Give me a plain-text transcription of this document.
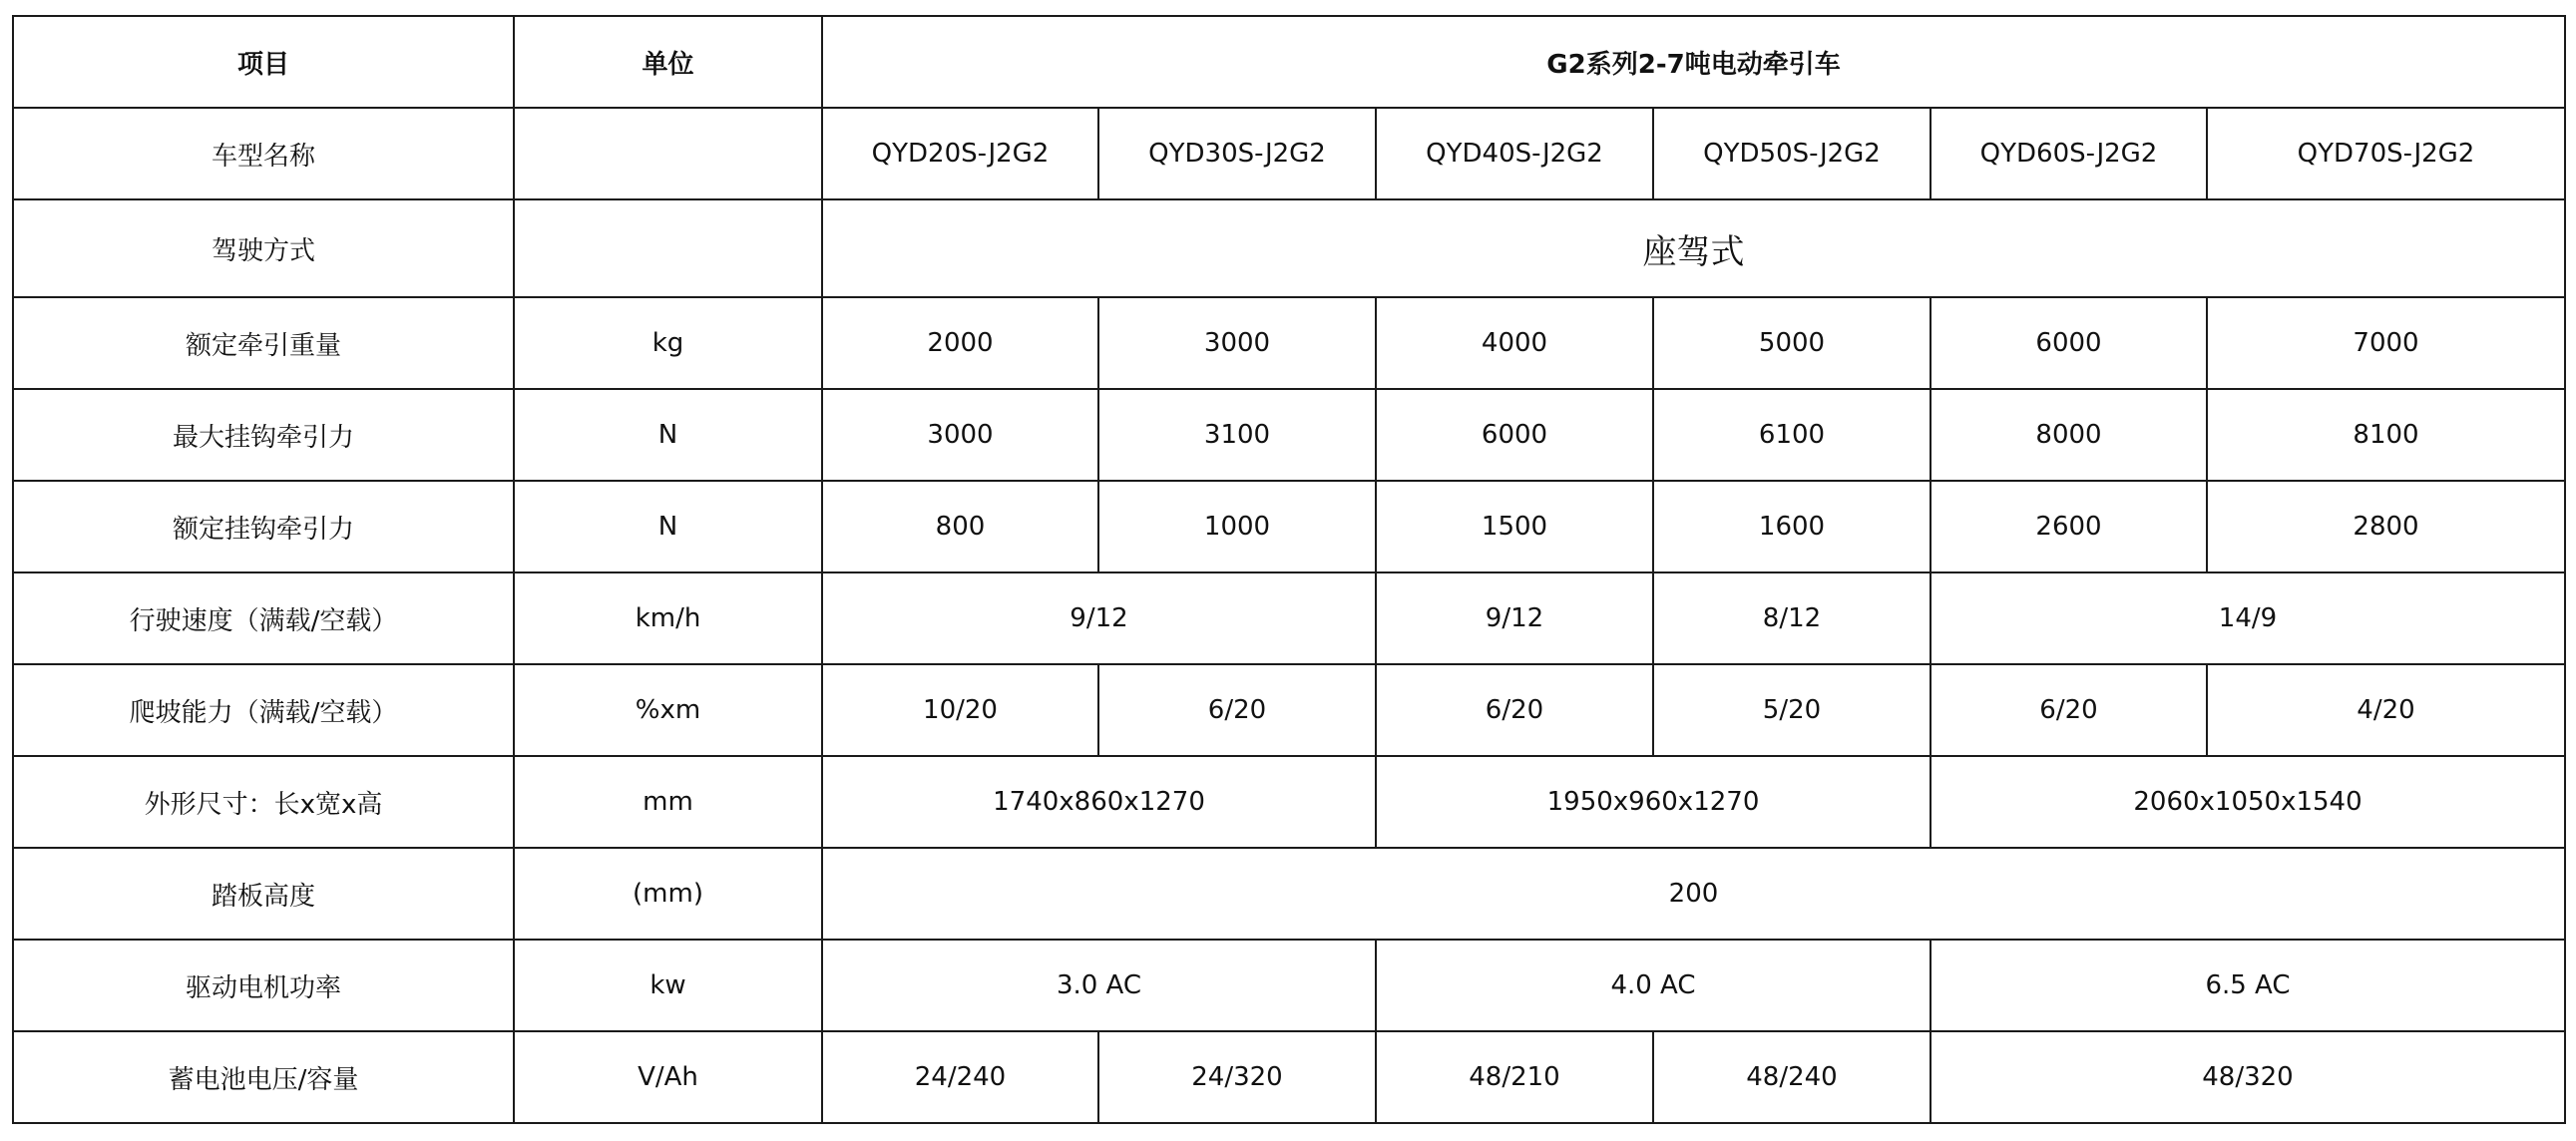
项目	单位	G2系列2-7吨电动牵引车					
车型名称		QYD20S-J2G2	QYD30S-J2G2	QYD40S-J2G2	QYD50S-J2G2	QYD60S-J2G2	QYD70S-J2G2
驾驶方式		座驾式					
额定牵引重量	kg	2000	3000	4000	5000	6000	7000
最大挂钩牵引力	N	3000	3100	6000	6100	8000	8100
额定挂钩牵引力	N	800	1000	1500	1600	2600	2800
行驶速度（满载/空载）	km/h	9/12		9/12	8/12	14/9	
爬坡能力（满载/空载）	%xm	10/20	6/20	6/20	5/20	6/20	4/20
外形尺寸：长x宽x高	mm	1740x860x1270		1950x960x1270		2060x1050x1540	
踏板高度	(mm)	200					
驱动电机功率	kw	3.0 AC		4.0 AC		6.5 AC	
蓄电池电压/容量	V/Ah	24/240	24/320	48/210	48/240	48/320	
